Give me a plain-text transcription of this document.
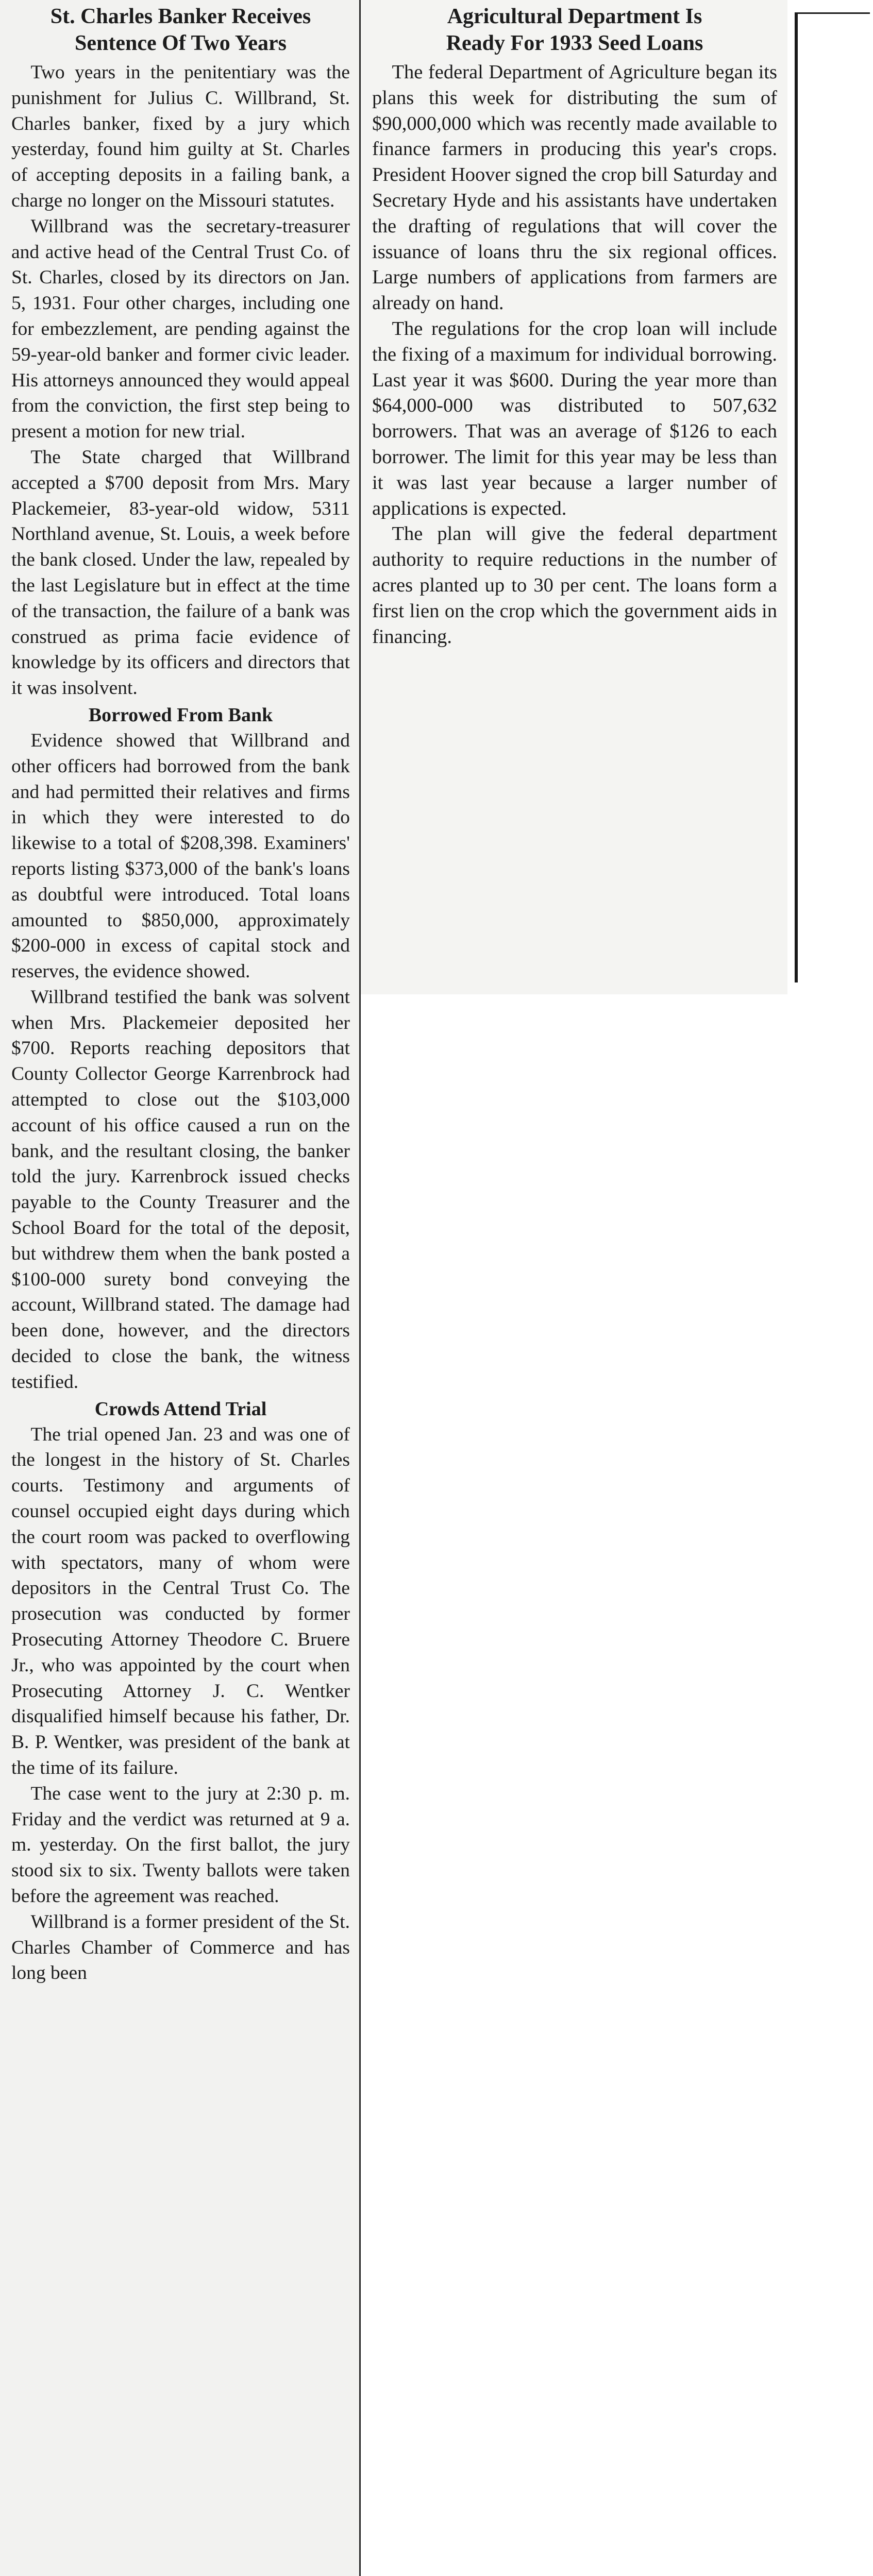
St. Charles Banker Receives
Sentence Of Two Years

Two years in the penitentiary was the punishment for Julius C. Willbrand, St. Charles banker, fixed by a jury which yesterday, found him guilty at St. Charles of accepting deposits in a failing bank, a charge no longer on the Missouri statutes.

Willbrand was the secretary-treasurer and active head of the Central Trust Co. of St. Charles, closed by its directors on Jan. 5, 1931. Four other charges, including one for embezzlement, are pending against the 59-year-old banker and former civic leader. His attorneys announced they would appeal from the conviction, the first step being to present a motion for new trial.

The State charged that Willbrand accepted a $700 deposit from Mrs. Mary Plackemeier, 83-year-old widow, 5311 Northland avenue, St. Louis, a week before the bank closed. Under the law, repealed by the last Legislature but in effect at the time of the transaction, the failure of a bank was construed as prima facie evidence of knowledge by its officers and directors that it was insolvent.

Borrowed From Bank

Evidence showed that Willbrand and other officers had borrowed from the bank and had permitted their relatives and firms in which they were interested to do likewise to a total of $208,398. Examiners' reports listing $373,000 of the bank's loans as doubtful were introduced. Total loans amounted to $850,000, approximately $200-000 in excess of capital stock and reserves, the evidence showed.

Willbrand testified the bank was solvent when Mrs. Plackemeier deposited her $700. Reports reaching depositors that County Collector George Karrenbrock had attempted to close out the $103,000 account of his office caused a run on the bank, and the resultant closing, the banker told the jury. Karrenbrock issued checks payable to the County Treasurer and the School Board for the total of the deposit, but withdrew them when the bank posted a $100-000 surety bond conveying the account, Willbrand stated. The damage had been done, however, and the directors decided to close the bank, the witness testified.

Crowds Attend Trial

The trial opened Jan. 23 and was one of the longest in the history of St. Charles courts. Testimony and arguments of counsel occupied eight days during which the court room was packed to overflowing with spectators, many of whom were depositors in the Central Trust Co. The prosecution was conducted by former Prosecuting Attorney Theodore C. Bruere Jr., who was appointed by the court when Prosecuting Attorney J. C. Wentker disqualified himself because his father, Dr. B. P. Wentker, was president of the bank at the time of its failure.

The case went to the jury at 2:30 p. m. Friday and the verdict was returned at 9 a. m. yesterday. On the first ballot, the jury stood six to six. Twenty ballots were taken before the agreement was reached.

Willbrand is a former president of the St. Charles Chamber of Commerce and has long been

Agricultural Department Is
Ready For 1933 Seed Loans

The federal Department of Agriculture began its plans this week for distributing the sum of $90,000,000 which was recently made available to finance farmers in producing this year's crops. President Hoover signed the crop bill Saturday and Secretary Hyde and his assistants have undertaken the drafting of regulations that will cover the issuance of loans thru the six regional offices. Large numbers of applications from farmers are already on hand.

The regulations for the crop loan will include the fixing of a maximum for individual borrowing. Last year it was $600. During the year more than $64,000-000 was distributed to 507,632 borrowers. That was an average of $126 to each borrower. The limit for this year may be less than it was last year because a larger number of applications is expected.

The plan will give the federal department authority to require reductions in the number of acres planted up to 30 per cent. The loans form a first lien on the crop which the government aids in financing.
